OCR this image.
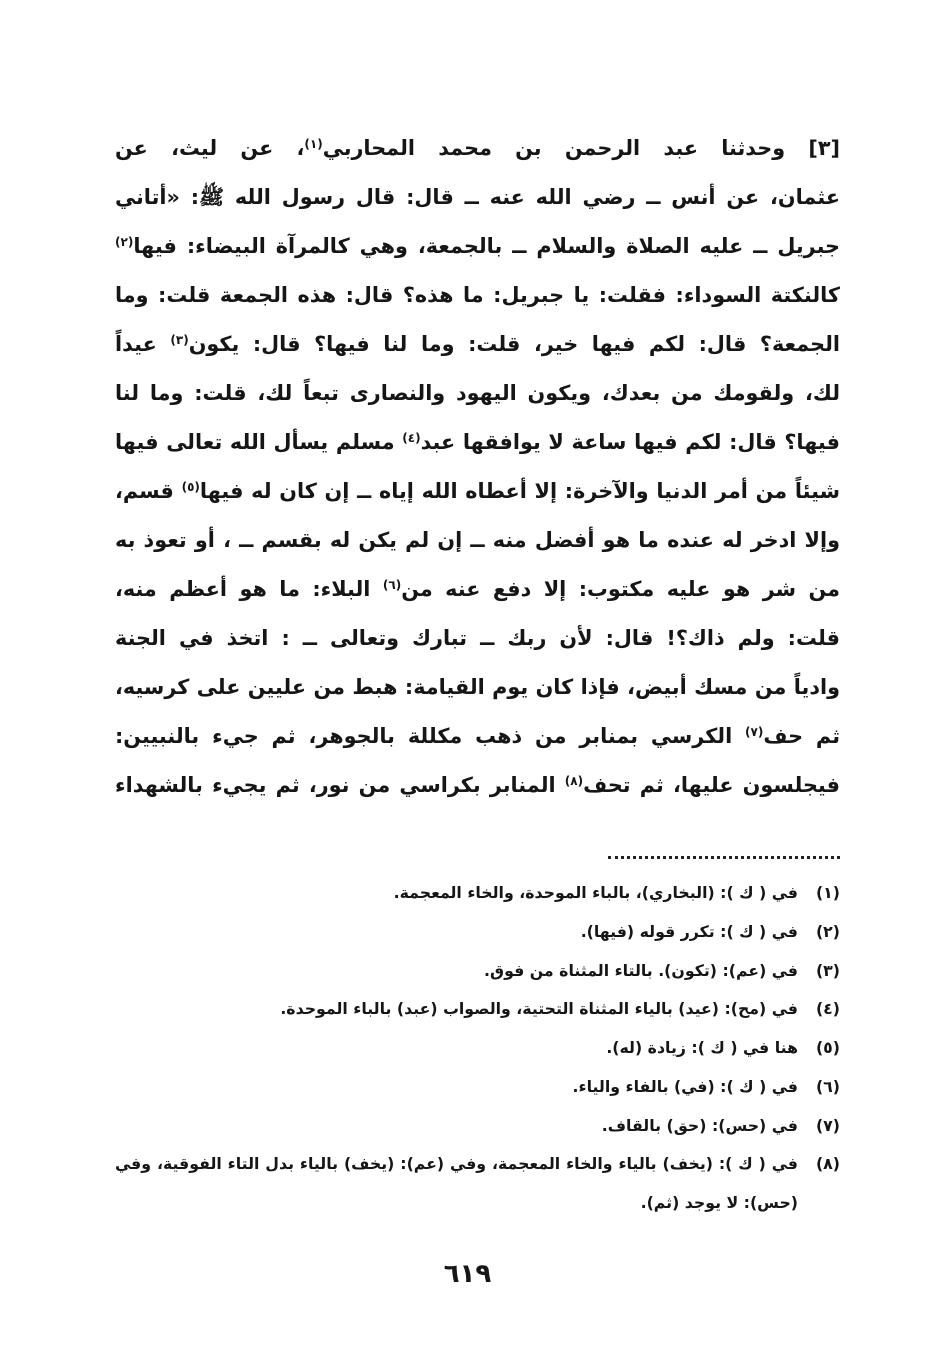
[٣] وحدثنا عبد الرحمن بن محمد المحاربي$^{(١)}$، عن ليث، عن
عثمان، عن أنس ــ رضي الله عنه ــ قال: قال رسول الله ﷺ: «أتاني
جبريل ــ عليه الصلاة والسلام ــ بالجمعة، وهي كالمرآة البيضاء: فيها$^{(٢)}$
كالنكتة السوداء: فقلت: يا جبريل: ما هذه؟ قال: هذه الجمعة قلت: وما
الجمعة؟ قال: لكم فيها خير، قلت: وما لنا فيها؟ قال: يكون$^{(٣)}$ عيداً
لك، ولقومك من بعدك، ويكون اليهود والنصارى تبعاً لك، قلت: وما لنا
فيها؟ قال: لكم فيها ساعة لا يوافقها عبد$^{(٤)}$ مسلم يسأل الله تعالى فيها
شيئاً من أمر الدنيا والآخرة: إلا أعطاه الله إياه ــ إن كان له فيها$^{(٥)}$ قسم،
وإلا ادخر له عنده ما هو أفضل منه ــ إن لم يكن له بقسم ــ ، أو تعوذ به
من شر هو عليه مكتوب: إلا دفع عنه من$^{(٦)}$ البلاء: ما هو أعظم منه،
قلت: ولم ذاك؟! قال: لأن ربك ــ تبارك وتعالى ــ : اتخذ في الجنة
وادياً من مسك أبيض، فإذا كان يوم القيامة: هبط من عليين على كرسيه،
ثم حف$^{(٧)}$ الكرسي بمنابر من ذهب مكللة بالجوهر، ثم جيء بالنبيين:
فيجلسون عليها، ثم تحف$^{(٨)}$ المنابر بكراسي من نور، ثم يجيء بالشهداء
(١)
في ( ك ): (البخاري)، بالباء الموحدة، والخاء المعجمة.
(٢)
في ( ك ): تكرر قوله (فيها).
(٣)
في (عم): (تكون). بالتاء المثناة من فوق.
(٤)
في (مح): (عيد) بالياء المثناة التحتية، والصواب (عبد) بالباء الموحدة.
(٥)
هنا في ( ك ): زيادة (له).
(٦)
في ( ك ): (في) بالفاء والياء.
(٧)
في (حس): (حق) بالقاف.
(٨)
في ( ك ): (يخف) بالياء والخاء المعجمة، وفي (عم): (يخف) بالياء بدل التاء الفوقية، وفي
(حس): لا يوجد (ثم).
٦١٩
